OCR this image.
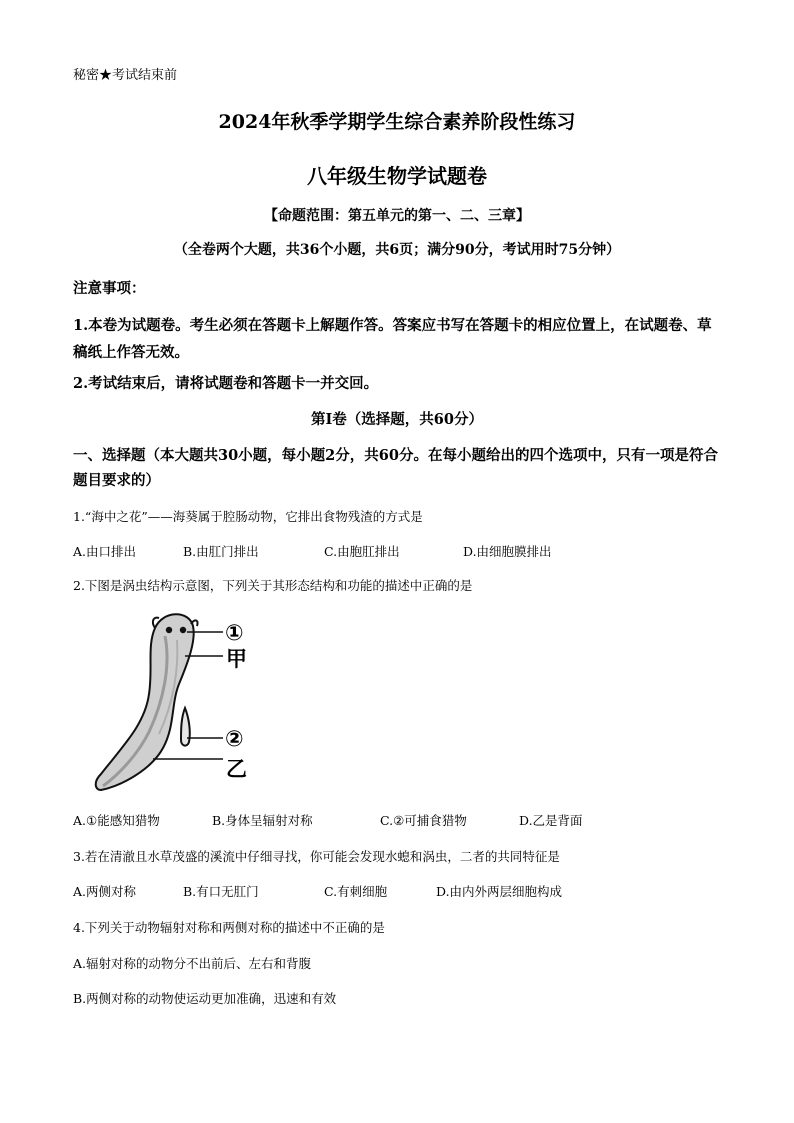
秘密★考试结束前
2024年秋季学期学生综合素养阶段性练习
八年级生物学试题卷
【命题范围：第五单元的第一、二、三章】
（全卷两个大题，共36个小题，共6页；满分90分，考试用时75分钟）
注意事项：
1.本卷为试题卷。考生必须在答题卡上解题作答。答案应书写在答题卡的相应位置上，在试题卷、草稿纸上作答无效。
2.考试结束后，请将试题卷和答题卡一并交回。
第Ⅰ卷（选择题，共60分）
一、选择题（本大题共30小题，每小题2分，共60分。在每小题给出的四个选项中，只有一项是符合题目要求的）
1.“海中之花”——海葵属于腔肠动物，它排出食物残渣的方式是
A.由口排出	B.由肛门排出	C.由胞肛排出	D.由细胞膜排出
2.下图是涡虫结构示意图，下列关于其形态结构和功能的描述中正确的是
①
甲
②
乙
A.①能感知猎物	B.身体呈辐射对称	C.②可捕食猎物	D.乙是背面
3.若在清澈且水草茂盛的溪流中仔细寻找，你可能会发现水螅和涡虫，二者的共同特征是
A.两侧对称	B.有口无肛门	C.有刺细胞	D.由内外两层细胞构成
4.下列关于动物辐射对称和两侧对称的描述中不正确的是
A.辐射对称的动物分不出前后、左右和背腹
B.两侧对称的动物使运动更加准确，迅速和有效
